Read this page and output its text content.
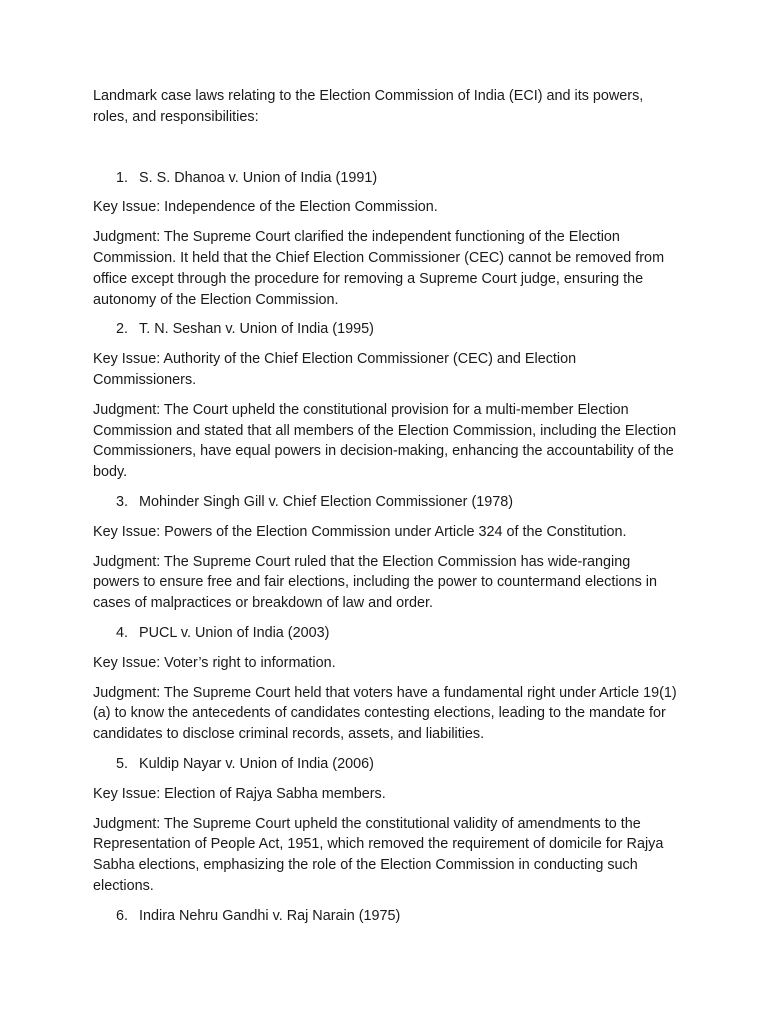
Landmark case laws relating to the Election Commission of India (ECI) and its powers, roles, and responsibilities:

1. S. S. Dhanoa v. Union of India (1991)

Key Issue: Independence of the Election Commission.

Judgment: The Supreme Court clarified the independent functioning of the Election Commission. It held that the Chief Election Commissioner (CEC) cannot be removed from office except through the procedure for removing a Supreme Court judge, ensuring the autonomy of the Election Commission.

2. T. N. Seshan v. Union of India (1995)

Key Issue: Authority of the Chief Election Commissioner (CEC) and Election Commissioners.

Judgment: The Court upheld the constitutional provision for a multi-member Election Commission and stated that all members of the Election Commission, including the Election Commissioners, have equal powers in decision-making, enhancing the accountability of the body.

3. Mohinder Singh Gill v. Chief Election Commissioner (1978)

Key Issue: Powers of the Election Commission under Article 324 of the Constitution.

Judgment: The Supreme Court ruled that the Election Commission has wide-ranging powers to ensure free and fair elections, including the power to countermand elections in cases of malpractices or breakdown of law and order.

4. PUCL v. Union of India (2003)

Key Issue: Voter’s right to information.

Judgment: The Supreme Court held that voters have a fundamental right under Article 19(1)(a) to know the antecedents of candidates contesting elections, leading to the mandate for candidates to disclose criminal records, assets, and liabilities.

5. Kuldip Nayar v. Union of India (2006)

Key Issue: Election of Rajya Sabha members.

Judgment: The Supreme Court upheld the constitutional validity of amendments to the Representation of People Act, 1951, which removed the requirement of domicile for Rajya Sabha elections, emphasizing the role of the Election Commission in conducting such elections.

6. Indira Nehru Gandhi v. Raj Narain (1975)
